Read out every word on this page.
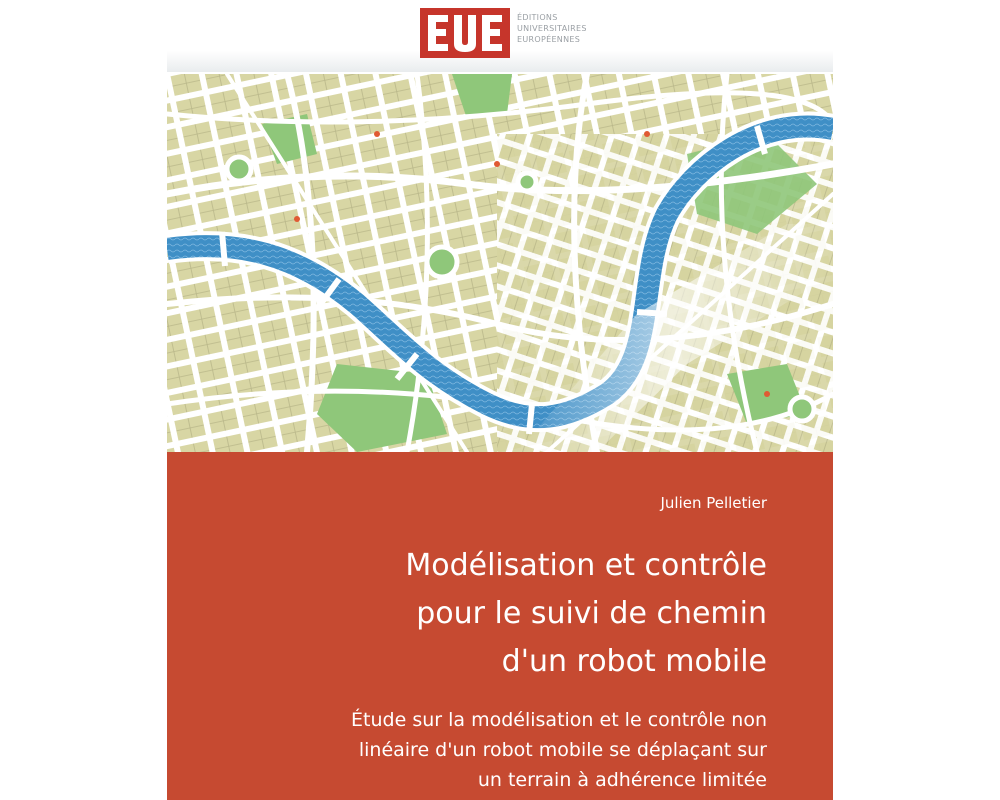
ÉDITIONS
UNIVERSITAIRES
EUROPÉENNES
Julien Pelletier
Modélisation et contrôle
pour le suivi de chemin
d'un robot mobile
Étude sur la modélisation et le contrôle non
linéaire d'un robot mobile se déplaçant sur
un terrain à adhérence limitée
